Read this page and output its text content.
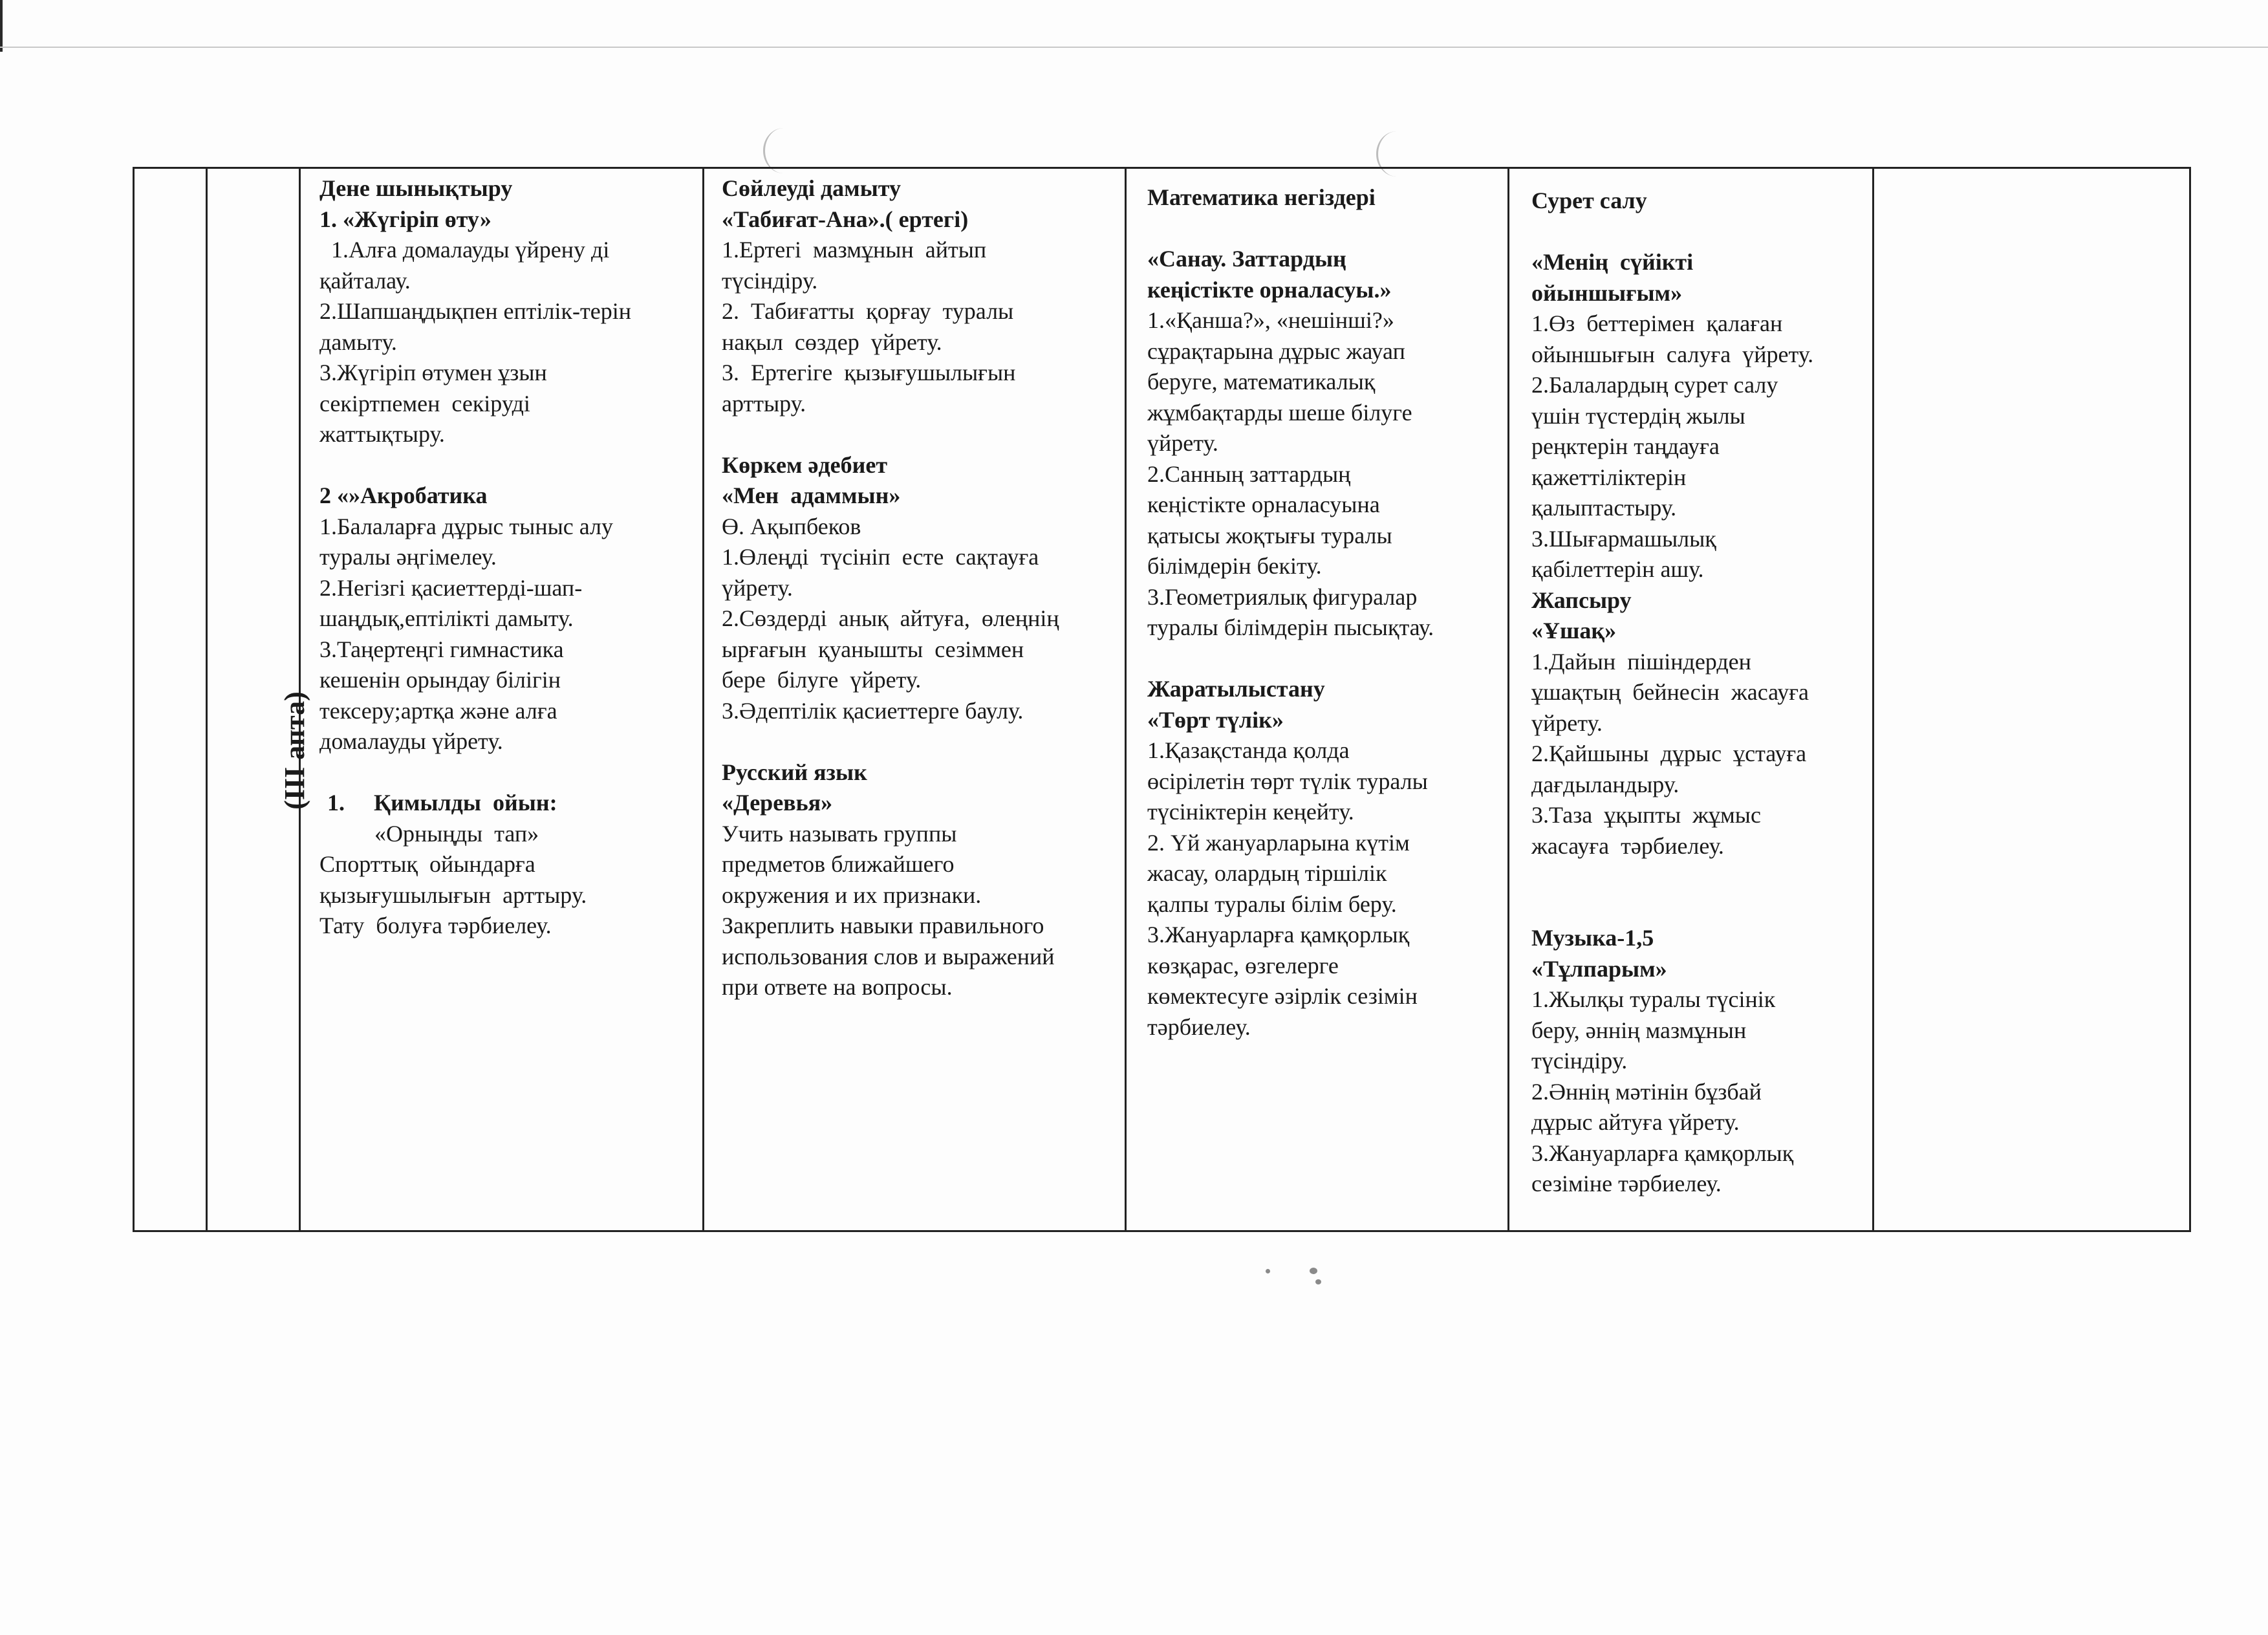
(ІІІ апта)

Дене шынықтыру

1. «Жүгіріп өту»

1.Алға домалауды үйрену ді

қайталау.

2.Шапшаңдықпен ептілік-терін

дамыту.

3.Жүгіріп өтумен ұзын

секіртпемен  секіруді

жаттықтыру.

2 «»Акробатика

1.Балаларға дұрыс тыныс алу

туралы әңгімелеу.

2.Негізгі қасиеттерді-шап-

шаңдық,ептілікті дамыту.

3.Таңертеңгі гимнастика

кешенін орындау білігін

тексеру;артқа және алға

домалауды үйрету.

1.     Қимылды  ойын:

«Орныңды  тап»

Спорттық  ойындарға

қызығушылығын  арттыру.

Тату  болуға тәрбиелеу.

Сөйлеуді дамыту

«Табиғат-Ана».( ертегі)

1.Ертегі  мазмұнын  айтып

түсіндіру.

2.  Табиғатты  қорғау  туралы

нақыл  сөздер  үйрету.

3.  Ертегіге  қызығушылығын

арттыру.

Көркем әдебиет

«Мен  адаммын»

Ө. Ақыпбеков

1.Өлеңді  түсініп  есте  сақтауға

үйрету.

2.Сөздерді  анық  айтуға,  өлеңнің

ырғағын  қуанышты  сезіммен

бере  білуге  үйрету.

3.Әдептілік қасиеттерге баулу.

Русский язык

«Деревья»

Учить называть группы

предметов ближайшего

окружения и их признаки.

Закреплить навыки правильного

использования слов и выражений

при ответе на вопросы.

Математика негіздері

«Санау. Заттардың

кеңістікте орналасуы.»

1.«Қанша?», «нешінші?»

сұрақтарына дұрыс жауап

беруге, математикалық

жұмбақтарды шеше білуге

үйрету.

2.Санның заттардың

кеңістікте орналасуына

қатысы жоқтығы туралы

білімдерін бекіту.

3.Геометриялық фигуралар

туралы білімдерін пысықтау.

Жаратылыстану

«Төрт түлік»

1.Қазақстанда қолда

өсірілетін төрт түлік туралы

түсініктерін кеңейту.

2. Үй жануарларына күтім

жасау, олардың тіршілік

қалпы туралы білім беру.

3.Жануарларға қамқорлық

көзқарас, өзгелерге

көмектесуге әзірлік сезімін

тәрбиелеу.

Сурет салу

«Менің  сүйікті

ойыншығым»

1.Өз  беттерімен  қалаған

ойыншығын  салуға  үйрету.

2.Балалардың сурет салу

үшін түстердің жылы

реңктерін таңдауға

қажеттіліктерін

қалыптастыру.

3.Шығармашылық

қабілеттерін ашу.

Жапсыру

«Ұшақ»

1.Дайын  пішіндерден

ұшақтың  бейнесін  жасауға

үйрету.

2.Қайшыны  дұрыс  ұстауға

дағдыландыру.

3.Таза  ұқыпты  жұмыс

жасауға  тәрбиелеу.

Музыка-1,5

«Тұлпарым»

1.Жылқы туралы түсінік

беру, әннің мазмұнын

түсіндіру.

2.Әннің мәтінін бұзбай

дұрыс айтуға үйрету.

3.Жануарларға қамқорлық

сезіміне тәрбиелеу.
